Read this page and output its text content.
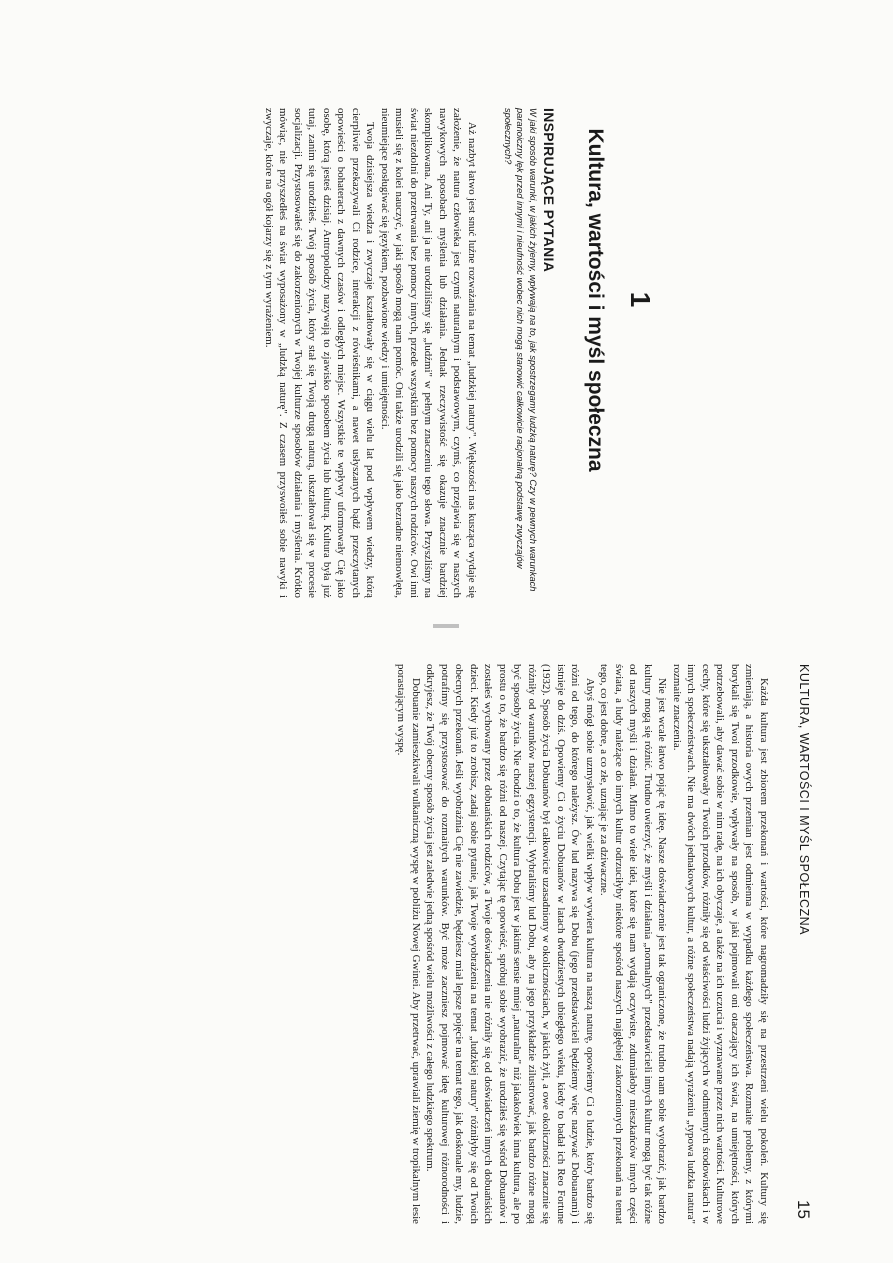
1
Kultura, wartości i myśl społeczna
INSPIRUJĄCE PYTANIA

W jaki sposób warunki, w jakich żyjemy, wpływają na to, jak spostrzegamy ludzką naturę? Czy w pewnych warunkach paranoiczny lęk przed innymi i nieufność wobec nich mogą stanowić całkowicie racjonalną podstawę zwyczajów społecznych?

Aż nazbyt łatwo jest snuć luźne rozważania na temat „ludzkiej natury". Większości nas kusząca wydaje się założenie, że natura człowieka jest czymś naturalnym i podstawowym, czymś, co przejawia się w naszych nawykowych sposobach myślenia lub działania. Jednak rzeczywistość się okazuje znacznie bardziej skomplikowana. Ani Ty, ani ja nie urodziliśmy się „ludźmi" w pełnym znaczeniu tego słowa. Przyszliśmy na świat niezdolni do przetrwania bez pomocy innych, przede wszystkim bez pomocy naszych rodziców. Owi inni musieli się z kolei nauczyć, w jaki sposób mogą nam pomóc. Oni także urodzili się jako bezradne niemowlęta, nieumiejące posługiwać się językiem, pozbawione wiedzy i umiejętności.

Twoja dzisiejsza wiedza i zwyczaje kształtowały się w ciągu wielu lat pod wpływem wiedzy, którą cierpliwie przekazywali Ci rodzice, interakcji z rówieśnikami, a nawet usłyszanych bądź przeczytanych opowieści o bohaterach z dawnych czasów i odległych miejsc. Wszystkie te wpływy uformowały Cię jako osobę, którą jesteś dzisiaj. Antropolodzy nazywają to zjawisko sposobem życia lub kulturą. Kultura była już tutaj, zanim się urodziłeś. Twój sposób życia, który stał się Twoją drugą naturą, ukształtował się w procesie socjalizacji. Przystosowałeś się do zakorzenionych w Twojej kulturze sposobów działania i myślenia. Krótko mówiąc, nie przyszedłeś na świat wyposażony w „ludzką naturę". Z czasem przyswoiłeś sobie nawyki i zwyczaje, które na ogół kojarzy się z tym wyrażeniem.

KULTURA, WARTOŚCI I MYŚL SPOŁECZNA
15

Każda kultura jest zbiorem przekonań i wartości, które nagromadziły się na przestrzeni wielu pokoleń. Kultury się zmieniają, a historia owych przemian jest odmienna w wypadku każdego społeczeństwa. Rozmaite problemy, z którymi borykali się Twoi przodkowie, wpływały na sposób, w jaki pojmowali oni otaczający ich świat, na umiejętności, których potrzebowali, aby dawać sobie w nim radę, na ich obyczaje, a także na ich uczucia i wyznawane przez nich wartości. Kulturowe cechy, które się ukształtowały u Twoich przodków, różniły się od właściwości ludzi żyjących w odmiennych środowiskach i w innych społeczeństwach. Nie ma dwóch jednakowych kultur, a różne społeczeństwa nadają wyrażeniu „typowa ludzka natura" rozmaite znaczenia.

Nie jest wcale łatwo pojąć tę ideę. Nasze doświadczenie jest tak ograniczone, że trudno nam sobie wyobrazić, jak bardzo kultury mogą się różnić. Trudno uwierzyć, że myśli i działania „normalnych" przedstawicieli innych kultur mogą być tak różne od naszych myśli i działań. Mimo to wiele idei, które się nam wydają oczywiste, zdumiałoby mieszkańców innych części świata, a ludy należące do innych kultur odrzuciłyby niektóre spośród naszych najgłębiej zakorzenionych przekonań na temat tego, co jest dobre, a co złe, uznając je za dziwaczne.

Abyś mógł sobie uzmysłowić, jak wielki wpływ wywiera kultura na naszą naturę, opowiemy Ci o ludzie, który bardzo się różni od tego, do którego należysz. Ów lud nazywa się Dobu (jego przedstawicieli będziemy więc nazywać Dobuanami) i istnieje do dziś. Opowiemy Ci o życiu Dobuanów w latach dwudziestych ubiegłego wieku, kiedy to badał ich Reo Fortune (1932). Sposób życia Dobuanów był całkowicie uzasadniony w okolicznościach, w jakich żyli, a owe okoliczności znacznie się różniły od warunków naszej egzystencji. Wybraliśmy lud Dobu, aby na jego przykładzie zilustrować, jak bardzo różne mogą być sposoby życia. Nie chodzi o to, że kultura Dobu jest w jakimś sensie mniej „naturalna" niż jakakolwiek inna kultura, ale po prostu o to, że bardzo się różni od naszej. Czytając tę opowieść, spróbuj sobie wyobrazić, że urodziłeś się wśród Dobuanów i zostałeś wychowany przez dobuańskich rodziców, a Twoje doświadczenia nie różniły się od doświadczeń innych dobuańskich dzieci. Kiedy już to zrobisz, zadaj sobie pytanie, jak Twoje wyobrażenia na temat „ludzkiej natury" różniłyby się od Twoich obecnych przekonań. Jeśli wyobraźnia Cię nie zawiedzie, będziesz miał lepsze pojęcie na temat tego, jak doskonale my, ludzie, potrafimy się przystosować do rozmaitych warunków. Być może zaczniesz pojmować ideę kulturowej różnorodności i odkryjesz, że Twój obecny sposób życia jest zaledwie jedną spośród wielu możliwości z całego ludzkiego spektrum.

Dobuanie zamieszkiwali wulkaniczną wyspę w pobliżu Nowej Gwinei. Aby przetrwać, uprawiali ziemię w tropikalnym lesie porastającym wyspę.
